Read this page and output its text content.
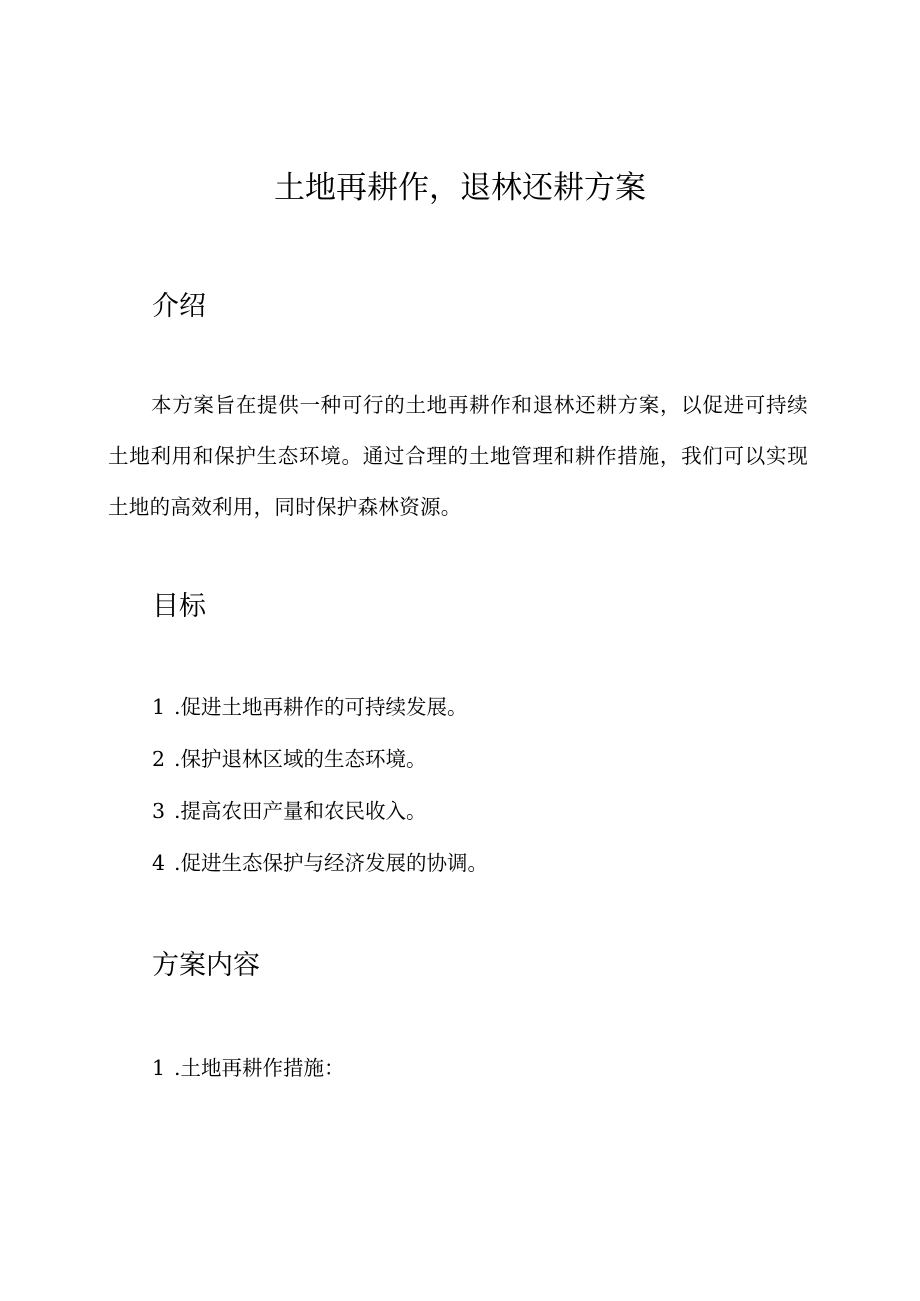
土地再耕作，退林还耕方案
介绍

本方案旨在提供一种可行的土地再耕作和退林还耕方案，以促进可持续土地利用和保护生态环境。通过合理的土地管理和耕作措施，我们可以实现土地的高效利用，同时保护森林资源。

目标

1 .促进土地再耕作的可持续发展。

2 .保护退林区域的生态环境。

3 .提高农田产量和农民收入。

4 .促进生态保护与经济发展的协调。

方案内容

1 .土地再耕作措施：
